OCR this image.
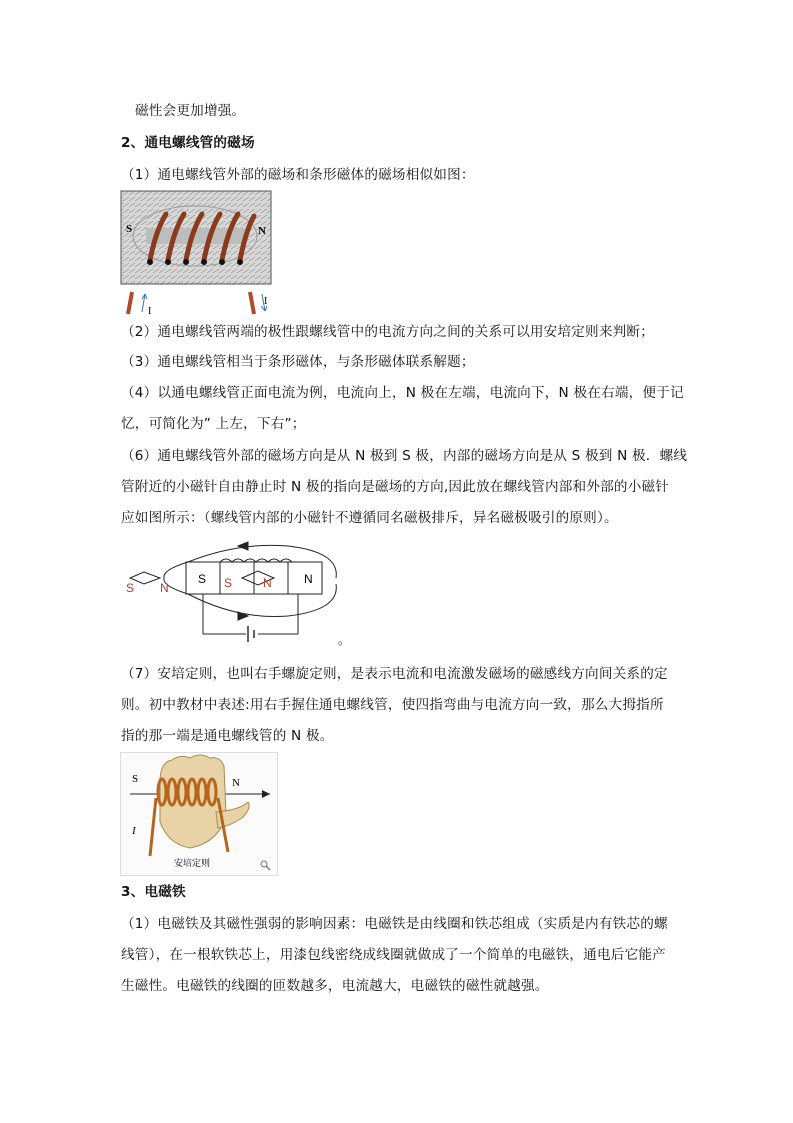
磁性会更加增强。
2、通电螺线管的磁场
（1）通电螺线管外部的磁场和条形磁体的磁场相似如图：
S	N
I
I
（2）通电螺线管两端的极性跟螺线管中的电流方向之间的关系可以用安培定则来判断；
（3）通电螺线管相当于条形磁体，与条形磁体联系解题；
（4）以通电螺线管正面电流为例，电流向上，N 极在左端，电流向下，N 极在右端，便于记
忆，可简化为” 上左，下右”；
（6）通电螺线管外部的磁场方向是从 N 极到 S 极，内部的磁场方向是从 S 极到 N 极．螺线
管附近的小磁针自由静止时 N 极的指向是磁场的方向,因此放在螺线管内部和外部的小磁针
应如图所示：（螺线管内部的小磁针不遵循同名磁极排斥，异名磁极吸引的原则）。
S N
S S	N	N
。
（7）安培定则，也叫右手螺旋定则，是表示电流和电流激发磁场的磁感线方向间关系的定
则。初中教材中表述:用右手握住通电螺线管，使四指弯曲与电流方向一致，那么大拇指所
指的那一端是通电螺线管的 N 极。
S	N
I
安培定则
3、电磁铁
（1）电磁铁及其磁性强弱的影响因素：电磁铁是由线圈和铁芯组成（实质是内有铁芯的螺
线管），在一根软铁芯上，用漆包线密绕成线圈就做成了一个简单的电磁铁，通电后它能产
生磁性。电磁铁的线圈的匝数越多，电流越大，电磁铁的磁性就越强。
